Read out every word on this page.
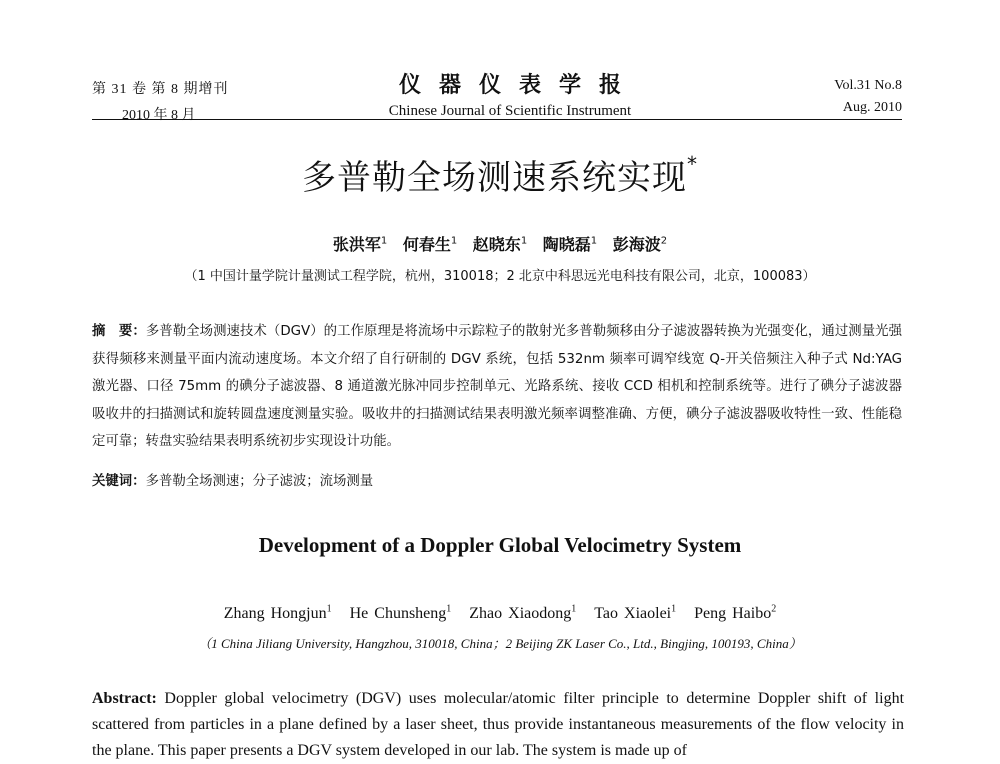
第 31 卷 第 8 期增刊
2010 年 8 月
仪器仪表学报
Chinese Journal of Scientific Instrument
Vol.31 No.8
Aug. 2010
多普勒全场测速系统实现*
张洪军$^1$ 何春生$^1$ 赵晓东$^1$ 陶晓磊$^1$ 彭海波$^2$
（1 中国计量学院计量测试工程学院，杭州，310018；2 北京中科思远光电科技有限公司，北京，100083）
摘　要：多普勒全场测速技术（DGV）的工作原理是将流场中示踪粒子的散射光多普勒频移由分子滤波器转换为光强变化，通过测量光强获得频移来测量平面内流动速度场。本文介绍了自行研制的 DGV 系统，包括 532nm 频率可调窄线宽 Q-开关倍频注入种子式 Nd:YAG 激光器、口径 75mm 的碘分子滤波器、8 通道激光脉冲同步控制单元、光路系统、接收 CCD 相机和控制系统等。进行了碘分子滤波器吸收井的扫描测试和旋转圆盘速度测量实验。吸收井的扫描测试结果表明激光频率调整准确、方便，碘分子滤波器吸收特性一致、性能稳定可靠；转盘实验结果表明系统初步实现设计功能。
关键词：多普勒全场测速；分子滤波；流场测量
Development of a Doppler Global Velocimetry System
Zhang Hongjun$^1$ He Chunsheng$^1$ Zhao Xiaodong$^1$ Tao Xiaolei$^1$ Peng Haibo$^2$
（1 China Jiliang University, Hangzhou, 310018, China；2 Beijing ZK Laser Co., Ltd., Bingjing, 100193, China）
Abstract: Doppler global velocimetry (DGV) uses molecular/atomic filter principle to determine Doppler shift of light scattered from particles in a plane defined by a laser sheet, thus provide instantaneous measurements of the flow velocity in the plane. This paper presents a DGV system developed in our lab. The system is made up of
